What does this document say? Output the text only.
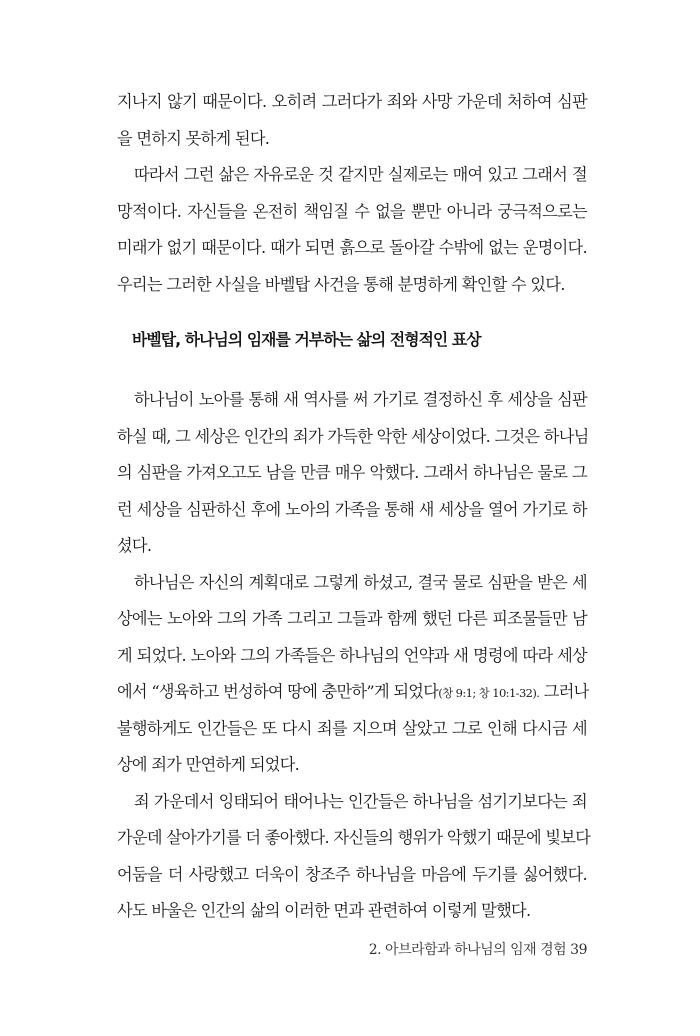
지나지 않기 때문이다. 오히려 그러다가 죄와 사망 가운데 처하여 심판
을 면하지 못하게 된다.
따라서 그런 삶은 자유로운 것 같지만 실제로는 매여 있고 그래서 절
망적이다. 자신들을 온전히 책임질 수 없을 뿐만 아니라 궁극적으로는
미래가 없기 때문이다. 때가 되면 흙으로 돌아갈 수밖에 없는 운명이다.
우리는 그러한 사실을 바벨탑 사건을 통해 분명하게 확인할 수 있다.
바벨탑, 하나님의 임재를 거부하는 삶의 전형적인 표상
하나님이 노아를 통해 새 역사를 써 가기로 결정하신 후 세상을 심판
하실 때, 그 세상은 인간의 죄가 가득한 악한 세상이었다. 그것은 하나님
의 심판을 가져오고도 남을 만큼 매우 악했다. 그래서 하나님은 물로 그
런 세상을 심판하신 후에 노아의 가족을 통해 새 세상을 열어 가기로 하
셨다.
하나님은 자신의 계획대로 그렇게 하셨고, 결국 물로 심판을 받은 세
상에는 노아와 그의 가족 그리고 그들과 함께 했던 다른 피조물들만 남
게 되었다. 노아와 그의 가족들은 하나님의 언약과 새 명령에 따라 세상
에서 “생육하고 번성하여 땅에 충만하”게 되었다(창 9:1; 창 10:1-32). 그러나
불행하게도 인간들은 또 다시 죄를 지으며 살았고 그로 인해 다시금 세
상에 죄가 만연하게 되었다.
죄 가운데서 잉태되어 태어나는 인간들은 하나님을 섬기기보다는 죄
가운데 살아가기를 더 좋아했다. 자신들의 행위가 악했기 때문에 빛보다
어둠을 더 사랑했고 더욱이 창조주 하나님을 마음에 두기를 싫어했다.
사도 바울은 인간의 삶의 이러한 면과 관련하여 이렇게 말했다.
2. 아브라함과 하나님의 임재 경험 39
